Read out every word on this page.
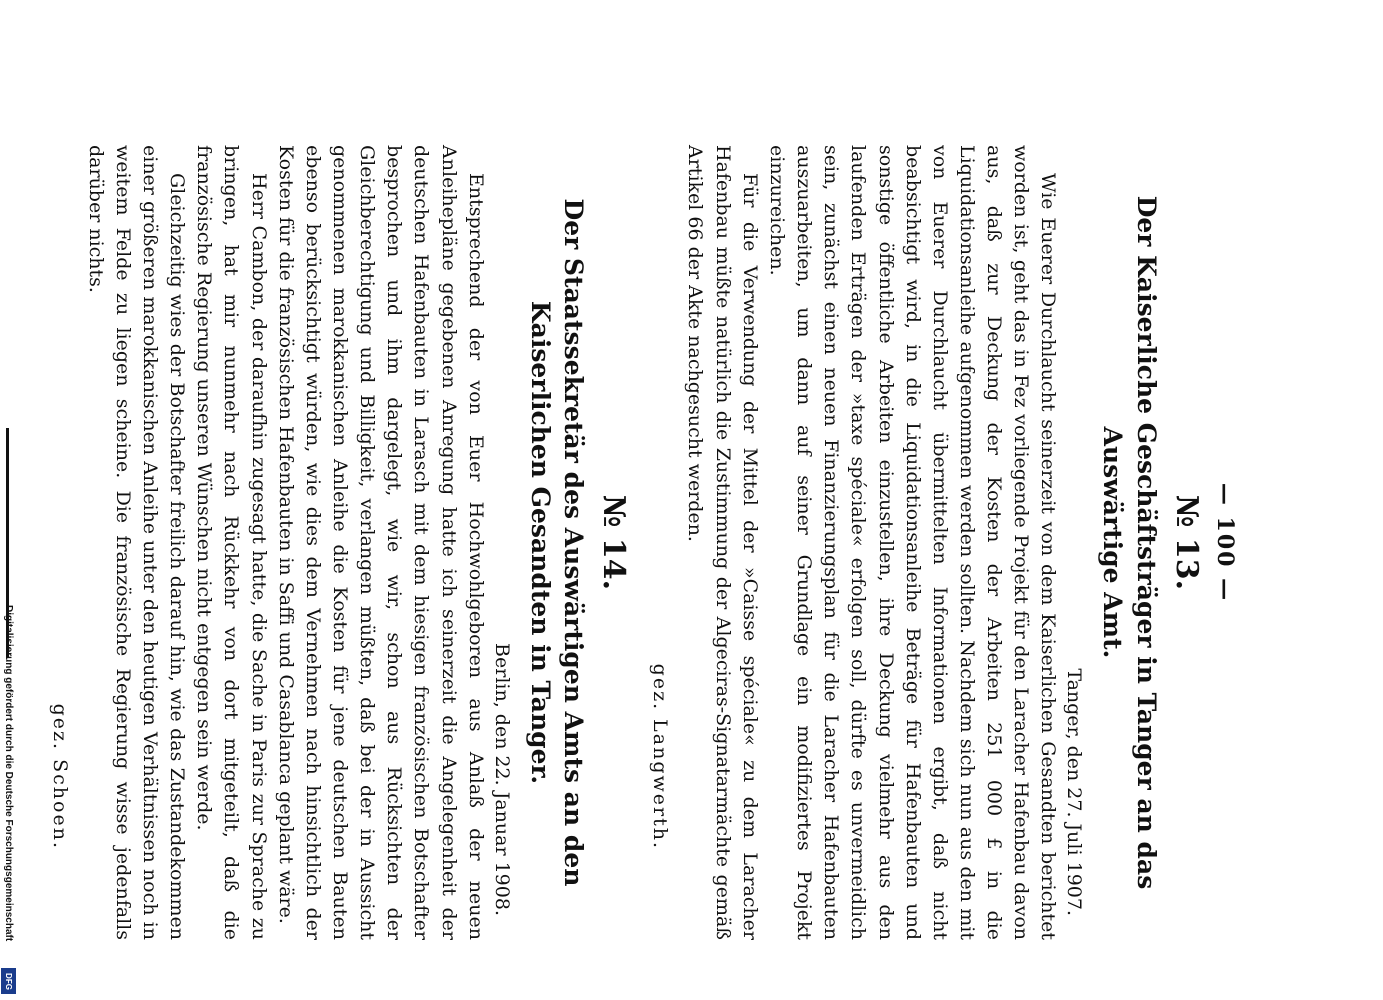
— 100 —
№ 13.
Der Kaiserliche Geschäftsträger in Tanger an das Auswärtige Amt.
Tanger, den 27. Juli 1907.

Wie Euerer Durchlaucht seinerzeit von dem Kaiserlichen Gesandten berichtet worden ist, geht das in Fez vorliegende Projekt für den Laracher Hafenbau davon aus, daß zur Deckung der Kosten der Arbeiten 251 000 £ in die Liquidationsanleihe aufgenommen werden sollten. Nachdem sich nun aus den mit von Euerer Durchlaucht übermittelten Informationen ergibt, daß nicht beabsichtigt wird, in die Liquidationsanleihe Beträge für Hafenbauten und sonstige öffentliche Arbeiten einzustellen, ihre Deckung vielmehr aus den laufenden Erträgen der »taxe spéciale« erfolgen soll, dürfte es unvermeidlich sein, zunächst einen neuen Finanzierungsplan für die Laracher Hafenbauten auszuarbeiten, um dann auf seiner Grundlage ein modifiziertes Projekt einzureichen.

Für die Verwendung der Mittel der »Caisse spéciale« zu dem Laracher Hafenbau müßte natürlich die Zustimmung der Algeciras-Signatarmächte gemäß Artikel 66 der Akte nachgesucht werden.

gez. Langwerth.
№ 14.
Der Staatssekretär des Auswärtigen Amts an den Kaiserlichen Gesandten in Tanger.
Berlin, den 22. Januar 1908.

Entsprechend der von Euer Hochwohlgeboren aus Anlaß der neuen Anleihepläne gegebenen Anregung hatte ich seinerzeit die Angelegenheit der deutschen Hafenbauten in Larasch mit dem hiesigen französischen Botschafter besprochen und ihm dargelegt, wie wir, schon aus Rücksichten der Gleichberechtigung und Billigkeit, verlangen müßten, daß bei der in Aussicht genommenen marokkanischen Anleihe die Kosten für jene deutschen Bauten ebenso berücksichtigt würden, wie dies dem Vernehmen nach hinsichtlich der Kosten für die französischen Hafenbauten in Saffi und Casablanca geplant wäre.

Herr Cambon, der daraufhin zugesagt hatte, die Sache in Paris zur Sprache zu bringen, hat mir nunmehr nach Rückkehr von dort mitgeteilt, daß die französische Regierung unseren Wünschen nicht entgegen sein werde.

Gleichzeitig wies der Botschafter freilich darauf hin, wie das Zustandekommen einer größeren marokkanischen Anleihe unter den heutigen Verhältnissen noch in weitem Felde zu liegen scheine. Die französische Regierung wisse jedenfalls darüber nichts.

gez. Schoen.
Digitalisierung gefördert durch die Deutsche Forschungsgemeinschaft
DFG
